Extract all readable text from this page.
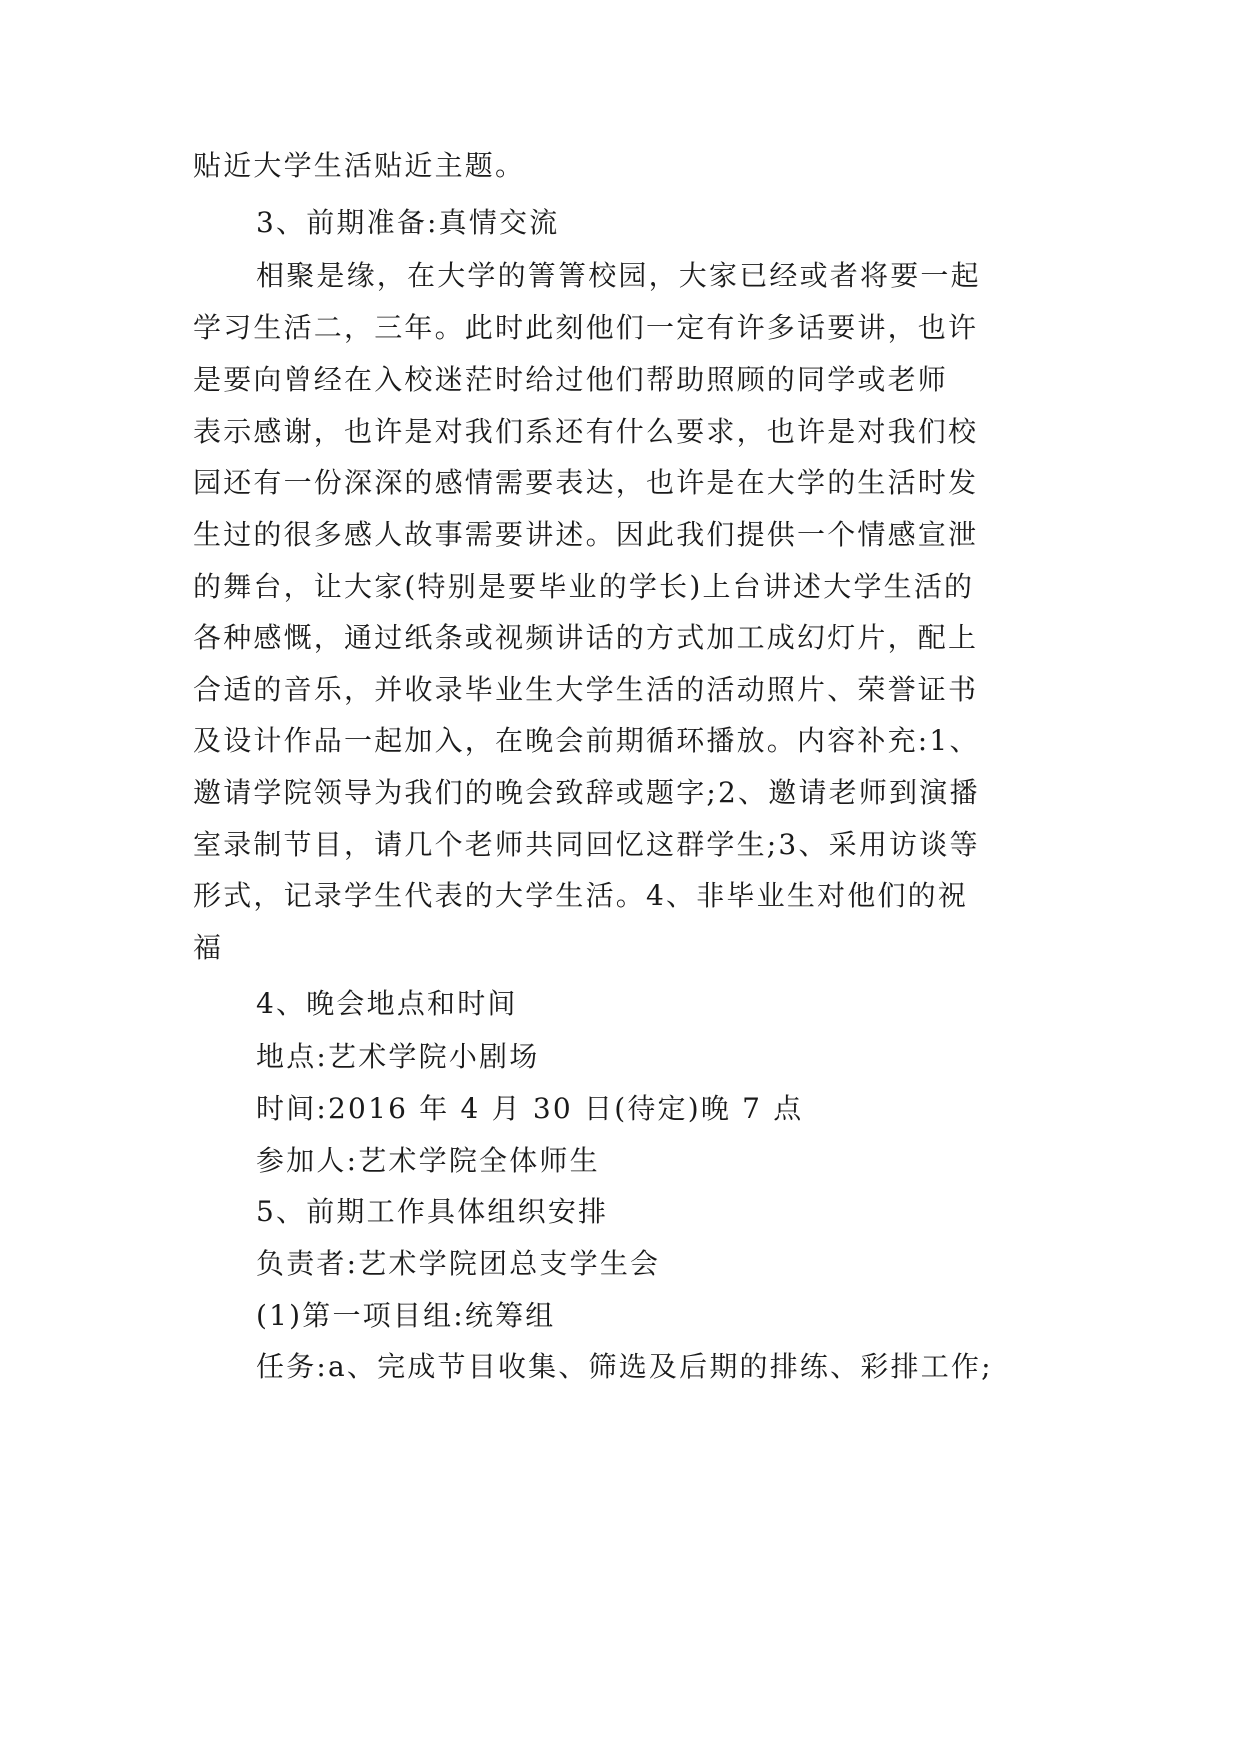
贴近大学生活贴近主题。
3、前期准备:真情交流
相聚是缘，在大学的箐箐校园，大家已经或者将要一起
学习生活二，三年。此时此刻他们一定有许多话要讲，也许
是要向曾经在入校迷茫时给过他们帮助照顾的同学或老师
表示感谢，也许是对我们系还有什么要求，也许是对我们校
园还有一份深深的感情需要表达，也许是在大学的生活时发
生过的很多感人故事需要讲述。因此我们提供一个情感宣泄
的舞台，让大家(特别是要毕业的学长)上台讲述大学生活的
各种感慨，通过纸条或视频讲话的方式加工成幻灯片，配上
合适的音乐，并收录毕业生大学生活的活动照片、荣誉证书
及设计作品一起加入，在晚会前期循环播放。内容补充:1、
邀请学院领导为我们的晚会致辞或题字;2、邀请老师到演播
室录制节目，请几个老师共同回忆这群学生;3、采用访谈等
形式，记录学生代表的大学生活。4、非毕业生对他们的祝
福
4、晚会地点和时间
地点:艺术学院小剧场
时间:2016 年 4 月 30 日(待定)晚 7 点
参加人:艺术学院全体师生
5、前期工作具体组织安排
负责者:艺术学院团总支学生会
(1)第一项目组:统筹组
任务:a、完成节目收集、筛选及后期的排练、彩排工作;
